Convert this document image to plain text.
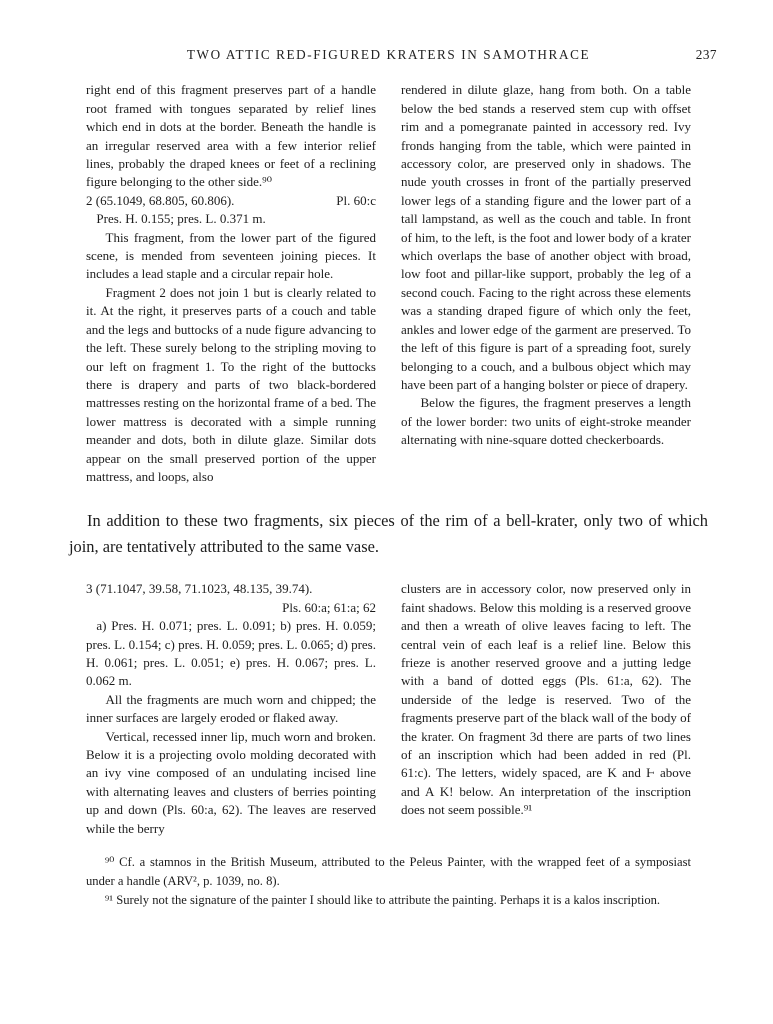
TWO ATTIC RED-FIGURED KRATERS IN SAMOTHRACE	237

right end of this fragment preserves part of a handle root framed with tongues separated by relief lines which end in dots at the border. Beneath the handle is an irregular reserved area with a few interior relief lines, probably the draped knees or feet of a reclining figure belonging to the other side.⁹⁰

2 (65.1049, 68.805, 60.806).	Pl. 60:c

Pres. H. 0.155; pres. L. 0.371 m.

This fragment, from the lower part of the figured scene, is mended from seventeen joining pieces. It includes a lead staple and a circular repair hole.

Fragment 2 does not join 1 but is clearly related to it. At the right, it preserves parts of a couch and table and the legs and buttocks of a nude figure advancing to the left. These surely belong to the stripling moving to our left on fragment 1. To the right of the buttocks there is drapery and parts of two black-bordered mattresses resting on the horizontal frame of a bed. The lower mattress is decorated with a simple running meander and dots, both in dilute glaze. Similar dots appear on the small preserved portion of the upper mattress, and loops, also

rendered in dilute glaze, hang from both. On a table below the bed stands a reserved stem cup with offset rim and a pomegranate painted in accessory red. Ivy fronds hanging from the table, which were painted in accessory color, are preserved only in shadows. The nude youth crosses in front of the partially preserved lower legs of a standing figure and the lower part of a tall lampstand, as well as the couch and table. In front of him, to the left, is the foot and lower body of a krater which overlaps the base of another object with broad, low foot and pillar-like support, probably the leg of a second couch. Facing to the right across these elements was a standing draped figure of which only the feet, ankles and lower edge of the garment are preserved. To the left of this figure is part of a spreading foot, surely belonging to a couch, and a bulbous object which may have been part of a hanging bolster or piece of drapery.

Below the figures, the fragment preserves a length of the lower border: two units of eight-stroke meander alternating with nine-square dotted checkerboards.

In addition to these two fragments, six pieces of the rim of a bell-krater, only two of which join, are tentatively attributed to the same vase.

3 (71.1047, 39.58, 71.1023, 48.135, 39.74).

Pls. 60:a; 61:a; 62

a) Pres. H. 0.071; pres. L. 0.091; b) pres. H. 0.059; pres. L. 0.154; c) pres. H. 0.059; pres. L. 0.065; d) pres. H. 0.061; pres. L. 0.051; e) pres. H. 0.067; pres. L. 0.062 m.

All the fragments are much worn and chipped; the inner surfaces are largely eroded or flaked away.

Vertical, recessed inner lip, much worn and broken. Below it is a projecting ovolo molding decorated with an ivy vine composed of an undulating incised line with alternating leaves and clusters of berries pointing up and down (Pls. 60:a, 62). The leaves are reserved while the berry

clusters are in accessory color, now preserved only in faint shadows. Below this molding is a reserved groove and then a wreath of olive leaves facing to left. The central vein of each leaf is a relief line. Below this frieze is another reserved groove and a jutting ledge with a band of dotted eggs (Pls. 61:a, 62). The underside of the ledge is reserved. Two of the fragments preserve part of the black wall of the body of the krater. On fragment 3d there are parts of two lines of an inscription which had been added in red (Pl. 61:c). The letters, widely spaced, are K and Ⱶ above and A K! below. An interpretation of the inscription does not seem possible.⁹¹

⁹⁰ Cf. a stamnos in the British Museum, attributed to the Peleus Painter, with the wrapped feet of a symposiast under a handle (ARV², p. 1039, no. 8).

⁹¹ Surely not the signature of the painter I should like to attribute the painting. Perhaps it is a kalos inscription.
